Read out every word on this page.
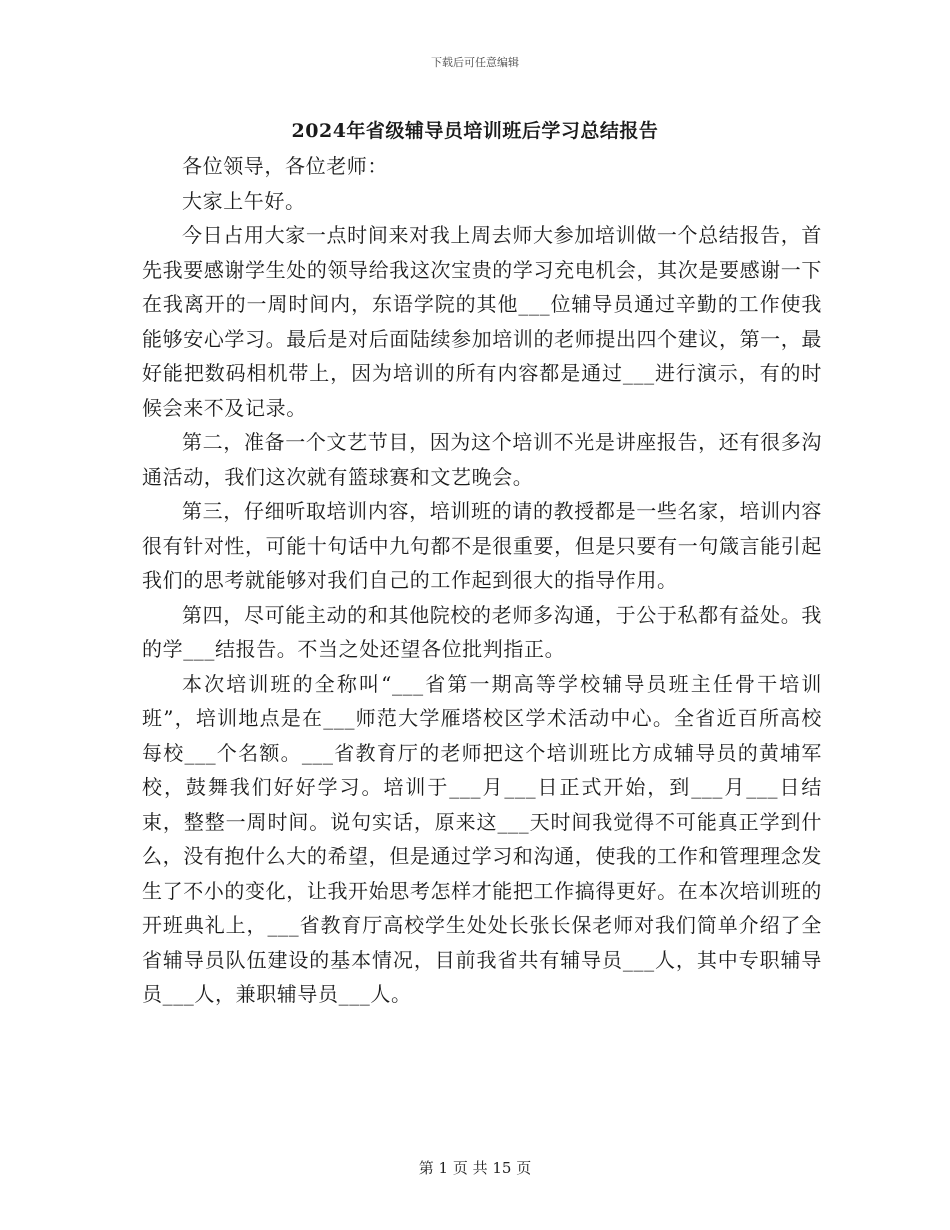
下载后可任意编辑
2024年省级辅导员培训班后学习总结报告

各位领导，各位老师：

大家上午好。

今日占用大家一点时间来对我上周去师大参加培训做一个总结报告，首先我要感谢学生处的领导给我这次宝贵的学习充电机会，其次是要感谢一下在我离开的一周时间内，东语学院的其他___位辅导员通过辛勤的工作使我能够安心学习。最后是对后面陆续参加培训的老师提出四个建议，第一，最好能把数码相机带上，因为培训的所有内容都是通过___进行演示，有的时候会来不及记录。

第二，准备一个文艺节目，因为这个培训不光是讲座报告，还有很多沟通活动，我们这次就有篮球赛和文艺晚会。

第三，仔细听取培训内容，培训班的请的教授都是一些名家，培训内容很有针对性，可能十句话中九句都不是很重要，但是只要有一句箴言能引起我们的思考就能够对我们自己的工作起到很大的指导作用。

第四，尽可能主动的和其他院校的老师多沟通，于公于私都有益处。我的学___结报告。不当之处还望各位批判指正。

本次培训班的全称叫“___省第一期高等学校辅导员班主任骨干培训班”，培训地点是在___师范大学雁塔校区学术活动中心。全省近百所高校每校___个名额。___省教育厅的老师把这个培训班比方成辅导员的黄埔军校，鼓舞我们好好学习。培训于___月___日正式开始，到___月___日结束，整整一周时间。说句实话，原来这___天时间我觉得不可能真正学到什么，没有抱什么大的希望，但是通过学习和沟通，使我的工作和管理理念发生了不小的变化，让我开始思考怎样才能把工作搞得更好。在本次培训班的开班典礼上，___省教育厅高校学生处处长张长保老师对我们简单介绍了全省辅导员队伍建设的基本情况，目前我省共有辅导员___人，其中专职辅导员___人，兼职辅导员___人。

第 1 页 共 15 页
